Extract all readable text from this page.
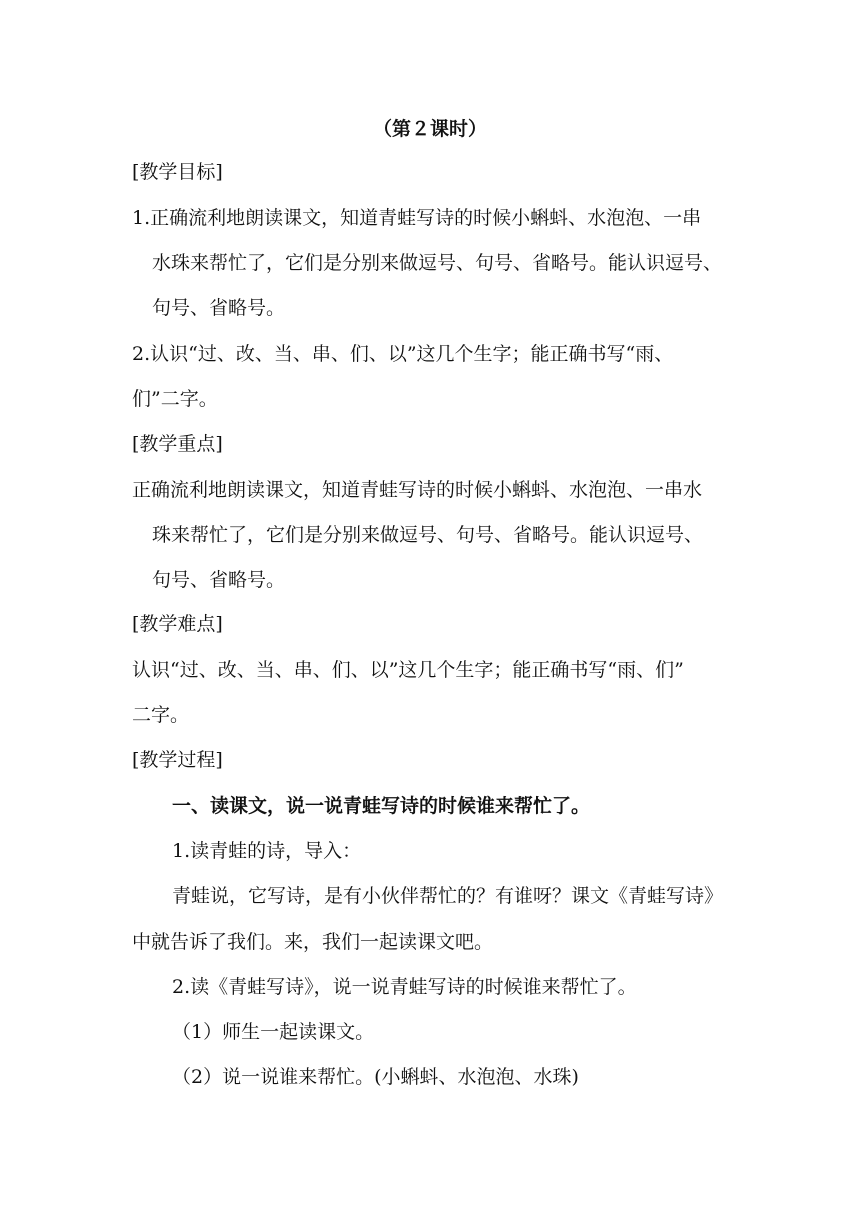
（第２课时）

[教学目标]

1.正确流利地朗读课文，知道青蛙写诗的时候小蝌蚪、水泡泡、一串

水珠来帮忙了，它们是分别来做逗号、句号、省略号。能认识逗号、

句号、省略号。

2.认识“过、改、当、串、们、以”这几个生字；能正确书写“雨、

们”二字。

[教学重点]

正确流利地朗读课文，知道青蛙写诗的时候小蝌蚪、水泡泡、一串水

珠来帮忙了，它们是分别来做逗号、句号、省略号。能认识逗号、

句号、省略号。

[教学难点]

认识“过、改、当、串、们、以”这几个生字；能正确书写“雨、们”

二字。

[教学过程]

一、读课文，说一说青蛙写诗的时候谁来帮忙了。

1.读青蛙的诗，导入：

青蛙说，它写诗，是有小伙伴帮忙的？有谁呀？课文《青蛙写诗》

中就告诉了我们。来，我们一起读课文吧。

2.读《青蛙写诗》，说一说青蛙写诗的时候谁来帮忙了。

（1）师生一起读课文。

（2）说一说谁来帮忙。(小蝌蚪、水泡泡、水珠)
